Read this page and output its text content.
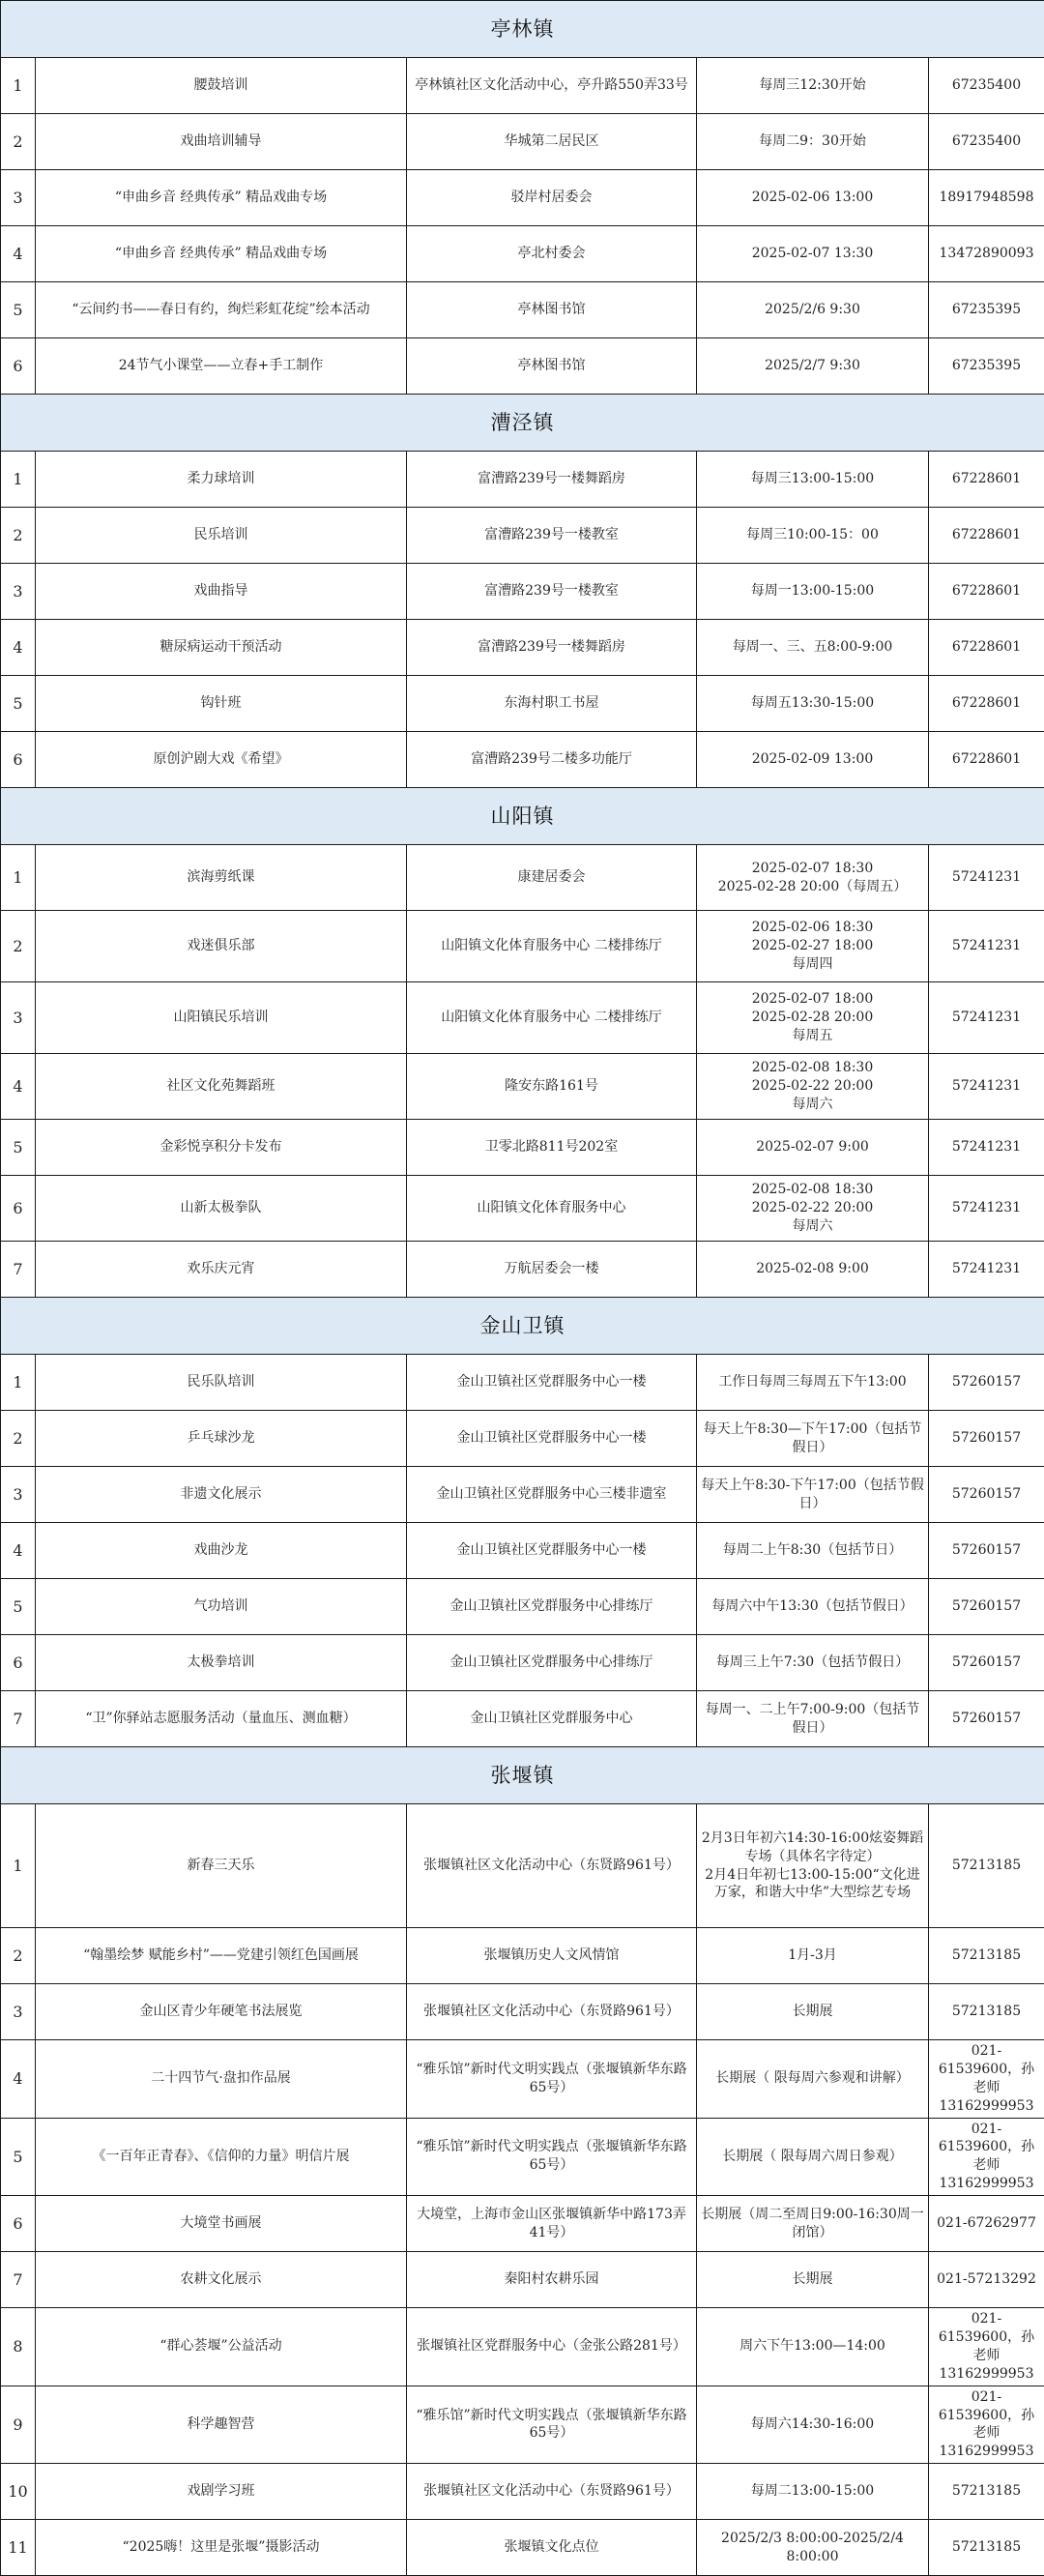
亭林镇				
1	腰鼓培训	亭林镇社区文化活动中心，亭升路550弄33号	每周三12:30开始	67235400
2	戏曲培训辅导	华城第二居民区	每周二9：30开始	67235400
3	“申曲乡音 经典传承” 精品戏曲专场	驳岸村居委会	2025-02-06 13:00	18917948598
4	“申曲乡音 经典传承” 精品戏曲专场	亭北村委会	2025-02-07 13:30	13472890093
5	“云间约书——春日有约，绚烂彩虹花绽”绘本活动	亭林图书馆	2025/2/6 9:30	67235395
6	24节气小课堂——立春+手工制作	亭林图书馆	2025/2/7 9:30	67235395
漕泾镇				
1	柔力球培训	富漕路239号一楼舞蹈房	每周三13:00-15:00	67228601
2	民乐培训	富漕路239号一楼教室	每周三10:00-15：00	67228601
3	戏曲指导	富漕路239号一楼教室	每周一13:00-15:00	67228601
4	糖尿病运动干预活动	富漕路239号一楼舞蹈房	每周一、三、五8:00-9:00	67228601
5	钩针班	东海村职工书屋	每周五13:30-15:00	67228601
6	原创沪剧大戏《希望》	富漕路239号二楼多功能厅	2025-02-09 13:00	67228601
山阳镇				
1	滨海剪纸课	康建居委会	2025-02-07 18:30
2025-02-28 20:00（每周五）	57241231
2	戏迷俱乐部	山阳镇文化体育服务中心 二楼排练厅	2025-02-06 18:30
2025-02-27 18:00
每周四	57241231
3	山阳镇民乐培训	山阳镇文化体育服务中心 二楼排练厅	2025-02-07 18:00
2025-02-28 20:00
每周五	57241231
4	社区文化苑舞蹈班	隆安东路161号	2025-02-08 18:30
2025-02-22 20:00
每周六	57241231
5	金彩悦享积分卡发布	卫零北路811号202室	2025-02-07 9:00	57241231
6	山新太极拳队	山阳镇文化体育服务中心	2025-02-08 18:30
2025-02-22 20:00
每周六	57241231
7	欢乐庆元宵	万航居委会一楼	2025-02-08 9:00	57241231
金山卫镇				
1	民乐队培训	金山卫镇社区党群服务中心一楼	工作日每周三每周五下午13:00	57260157
2	乒乓球沙龙	金山卫镇社区党群服务中心一楼	每天上午8:30—下午17:00（包括节假日）	57260157
3	非遗文化展示	金山卫镇社区党群服务中心三楼非遗室	每天上午8:30-下午17:00（包括节假日）	57260157
4	戏曲沙龙	金山卫镇社区党群服务中心一楼	每周二上午8:30（包括节日）	57260157
5	气功培训	金山卫镇社区党群服务中心排练厅	每周六中午13:30（包括节假日）	57260157
6	太极拳培训	金山卫镇社区党群服务中心排练厅	每周三上午7:30（包括节假日）	57260157
7	“卫”你驿站志愿服务活动（量血压、测血糖）	金山卫镇社区党群服务中心	每周一、二上午7:00-9:00（包括节假日）	57260157
张堰镇				
1	新春三天乐	张堰镇社区文化活动中心（东贤路961号）	2月3日年初六14:30-16:00炫姿舞蹈专场（具体名字待定）
2月4日年初七13:00-15:00“文化进万家，和谐大中华”大型综艺专场	57213185
2	“翰墨绘梦 赋能乡村”——党建引领红色国画展	张堰镇历史人文风情馆	1月-3月	57213185
3	金山区青少年硬笔书法展览	张堰镇社区文化活动中心（东贤路961号）	长期展	57213185
4	二十四节气·盘扣作品展	“雅乐馆”新时代文明实践点（张堰镇新华东路65号）	长期展（ 限每周六参观和讲解）	021-61539600，孙老师
13162999953
5	《一百年正青春》、《信仰的力量》明信片展	“雅乐馆”新时代文明实践点（张堰镇新华东路65号）	长期展（ 限每周六周日参观）	021-61539600，孙老师
13162999953
6	大境堂书画展	大境堂，上海市金山区张堰镇新华中路173弄41号）	长期展（周二至周日9:00-16:30周一闭馆）	021-67262977
7	农耕文化展示	秦阳村农耕乐园	长期展	021-57213292
8	“群心荟堰”公益活动	张堰镇社区党群服务中心（金张公路281号）	周六下午13:00—14:00	021-61539600，孙老师
13162999953
9	科学趣智营	“雅乐馆”新时代文明实践点（张堰镇新华东路65号）	每周六14:30-16:00	021-61539600，孙老师
13162999953
10	戏剧学习班	张堰镇社区文化活动中心（东贤路961号）	每周二13:00-15:00	57213185
11	“2025嗨！这里是张堰”摄影活动	张堰镇文化点位	2025/2/3 8:00:00-2025/2/4 8:00:00	57213185
